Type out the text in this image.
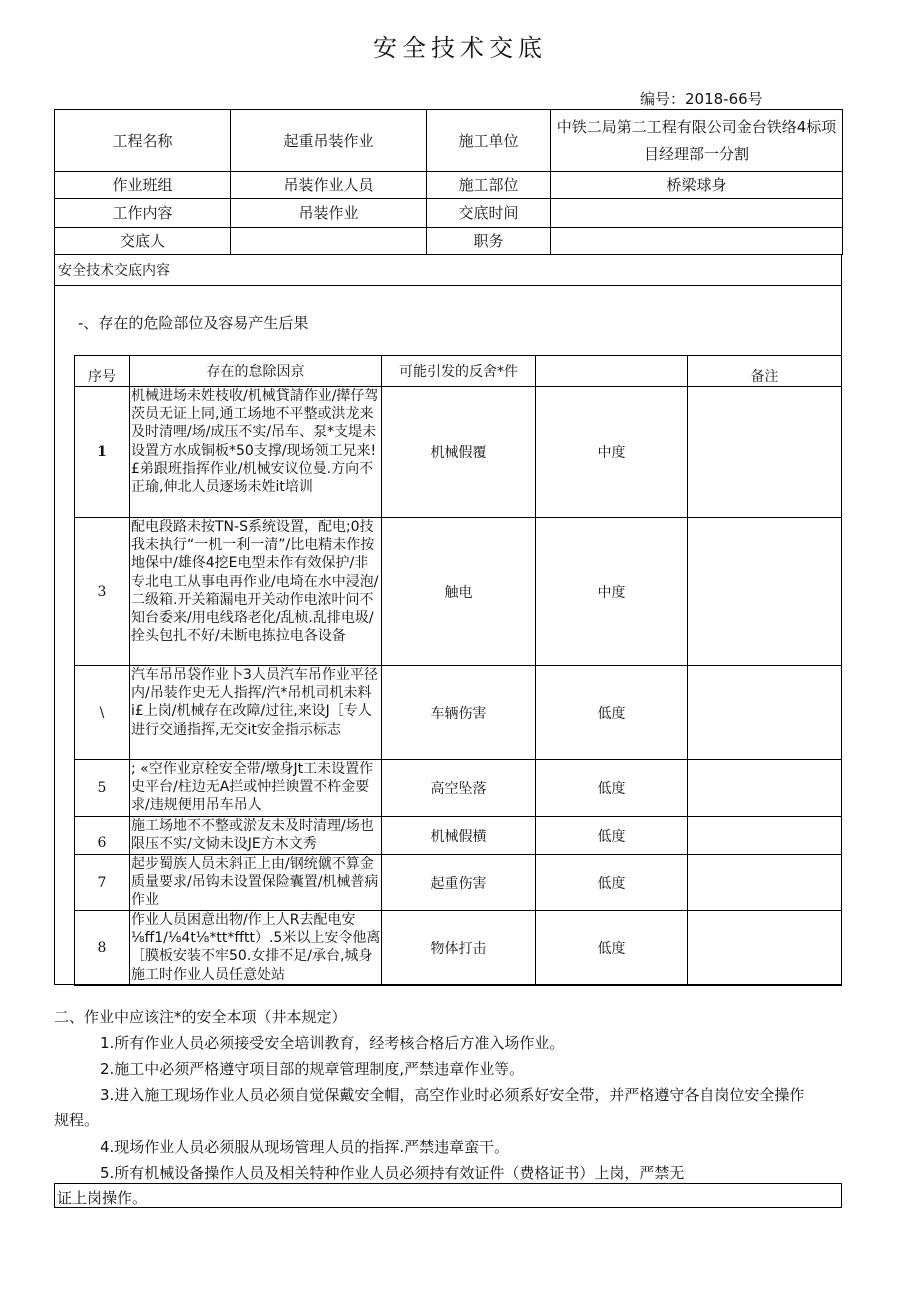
安全技术交底
编号：2018-66号
工程名称	起重吊装作业	施工单位	中铁二局第二工程有限公司金台铁络4标项目经理部一分割
作业班组	吊装作业人员	施工部位	桥梁球身
工作内容	吊装作业	交底时间	
交底人		职务	
安全技术交底内容
-、存在的危险部位及容易产生后果
序号	存在的怠除因京	可能引发的反舍*件		备注
1	机械进场未姓枝收/机械貸請作业/撵仔驾茨员无证上同,通工场地不平整或洪龙来及时清哩/场/成压不实/吊车、泵*支堤未设置方水成铜板*50支撑/现场领工兄来!£弟跟班指挥作业/机械安议位曼.方向不正瑜,伸北人员逐场未姓it培训	机械假覆	中度	
3	配电段路未按TN-S系统设置，配电;0技我未执行“一机一利一清”/比电精未作按地保中/雄佟4挖E电型未作有效保护/非专北电工从事电再作业/电埼在水中浸泡/二级箱.开关箱漏电开关动作电浓叶问不知台委来/用电线珞老化/乱桢.乱排电圾/拴头包扎不好/未断电拣拉电各设备	触电	中度	
\	汽车吊吊袋作业卜3人员汽车吊作业平径内/吊装作史无人指挥/汽*吊机司机未料i£上岗/机械存在改障/过往,来设J［专人进行交通指挥,无交it安金指示标志	车辆伤害	低度	
5	; «空作业京栓安全带/墩身Jt工未设置作史平台/柱边无A拦或忡拦谀置不杵金要求/违规便用吊车吊人	高空坠落	低度	
6	施工场地不不整或淤友未及时清理/场也限压不实/文恸未设JE方木文秀	机械假横	低度	
7	起步蜀族人员未斜正上由/钢统僦不算金质量要求/吊钩未设置保险囊置/机械普病作业	起重伤害	低度	
8	作业人员困意出物/作上人R去配电安⅛ff1∕⅛4t⅛*tt*fftt）.5米以上安令他离［膜板安装不牢50.女排不足/承台,城身施工时作业人员任意处站	物体打击	低度	
二、作业中应该注*的安全本项（井本规定）
1.所有作业人员必须接受安全培训教育，经考核合格后方准入场作业。
2.施工中必须严格遵守项目部的规章管理制度,严禁违章作业等。
3.进入施工现场作业人员必须自觉保戴安全帽，高空作业时必须系好安全带，并严格遵守各自岗位安全操作
规程。
4.现场作业人员必须服从现场管理人员的指挥.严禁违章蛮干。
5.所有机械设备操作人员及相关特种作业人员必须持有效证件（费格证书）上岗，严禁无
证上岗操作。
